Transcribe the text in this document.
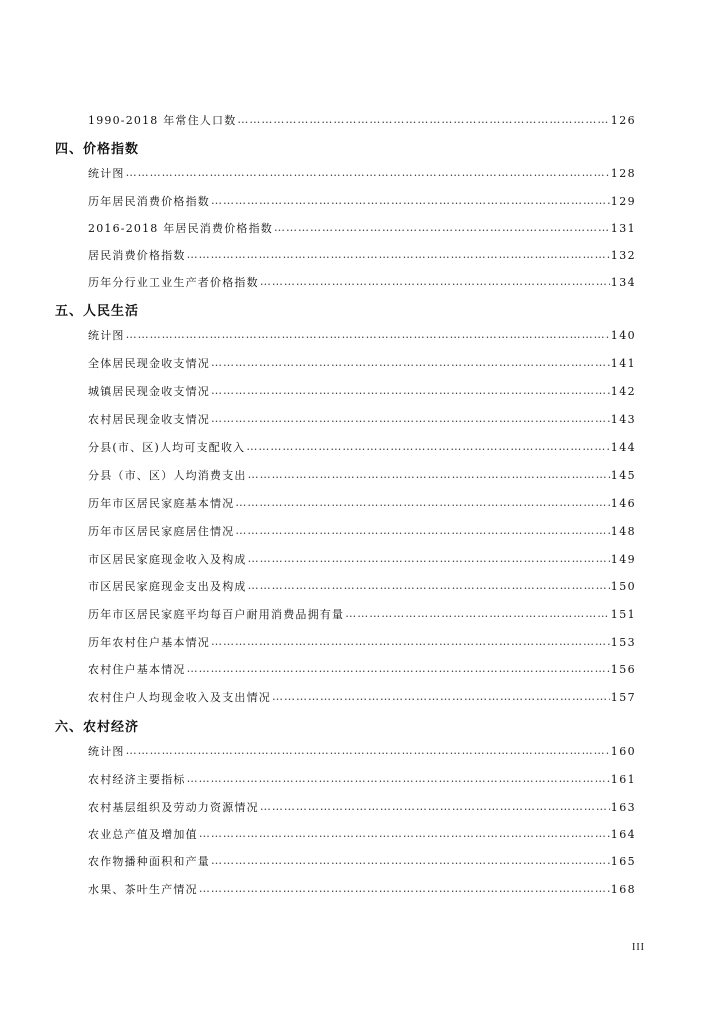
1990-2018 年常住人口数 …………………………………………………………………………………………………………………………………………………………………………………………………	126
四、价格指数
统计图 …………………………………………………………………………………………………………………………………………………………………………………………………	128
历年居民消费价格指数 …………………………………………………………………………………………………………………………………………………………………………………………………	129
2016-2018 年居民消费价格指数 …………………………………………………………………………………………………………………………………………………………………………………………………	131
居民消费价格指数 …………………………………………………………………………………………………………………………………………………………………………………………………	132
历年分行业工业生产者价格指数 …………………………………………………………………………………………………………………………………………………………………………………………………	134
五、人民生活
统计图 …………………………………………………………………………………………………………………………………………………………………………………………………	140
全体居民现金收支情况 …………………………………………………………………………………………………………………………………………………………………………………………………	141
城镇居民现金收支情况 …………………………………………………………………………………………………………………………………………………………………………………………………	142
农村居民现金收支情况 …………………………………………………………………………………………………………………………………………………………………………………………………	143
分县(市、区)人均可支配收入 …………………………………………………………………………………………………………………………………………………………………………………………………	144
分县（市、区）人均消费支出 …………………………………………………………………………………………………………………………………………………………………………………………………	145
历年市区居民家庭基本情况 …………………………………………………………………………………………………………………………………………………………………………………………………	146
历年市区居民家庭居住情况 …………………………………………………………………………………………………………………………………………………………………………………………………	148
市区居民家庭现金收入及构成 …………………………………………………………………………………………………………………………………………………………………………………………………	149
市区居民家庭现金支出及构成 …………………………………………………………………………………………………………………………………………………………………………………………………	150
历年市区居民家庭平均每百户耐用消费品拥有量 …………………………………………………………………………………………………………………………………………………………………………………………………	151
历年农村住户基本情况 …………………………………………………………………………………………………………………………………………………………………………………………………	153
农村住户基本情况 …………………………………………………………………………………………………………………………………………………………………………………………………	156
农村住户人均现金收入及支出情况 …………………………………………………………………………………………………………………………………………………………………………………………………	157
六、农村经济
统计图 …………………………………………………………………………………………………………………………………………………………………………………………………	160
农村经济主要指标 …………………………………………………………………………………………………………………………………………………………………………………………………	161
农村基层组织及劳动力资源情况 …………………………………………………………………………………………………………………………………………………………………………………………………	163
农业总产值及增加值 …………………………………………………………………………………………………………………………………………………………………………………………………	164
农作物播种面积和产量 …………………………………………………………………………………………………………………………………………………………………………………………………	165
水果、茶叶生产情况 …………………………………………………………………………………………………………………………………………………………………………………………………	168
III
